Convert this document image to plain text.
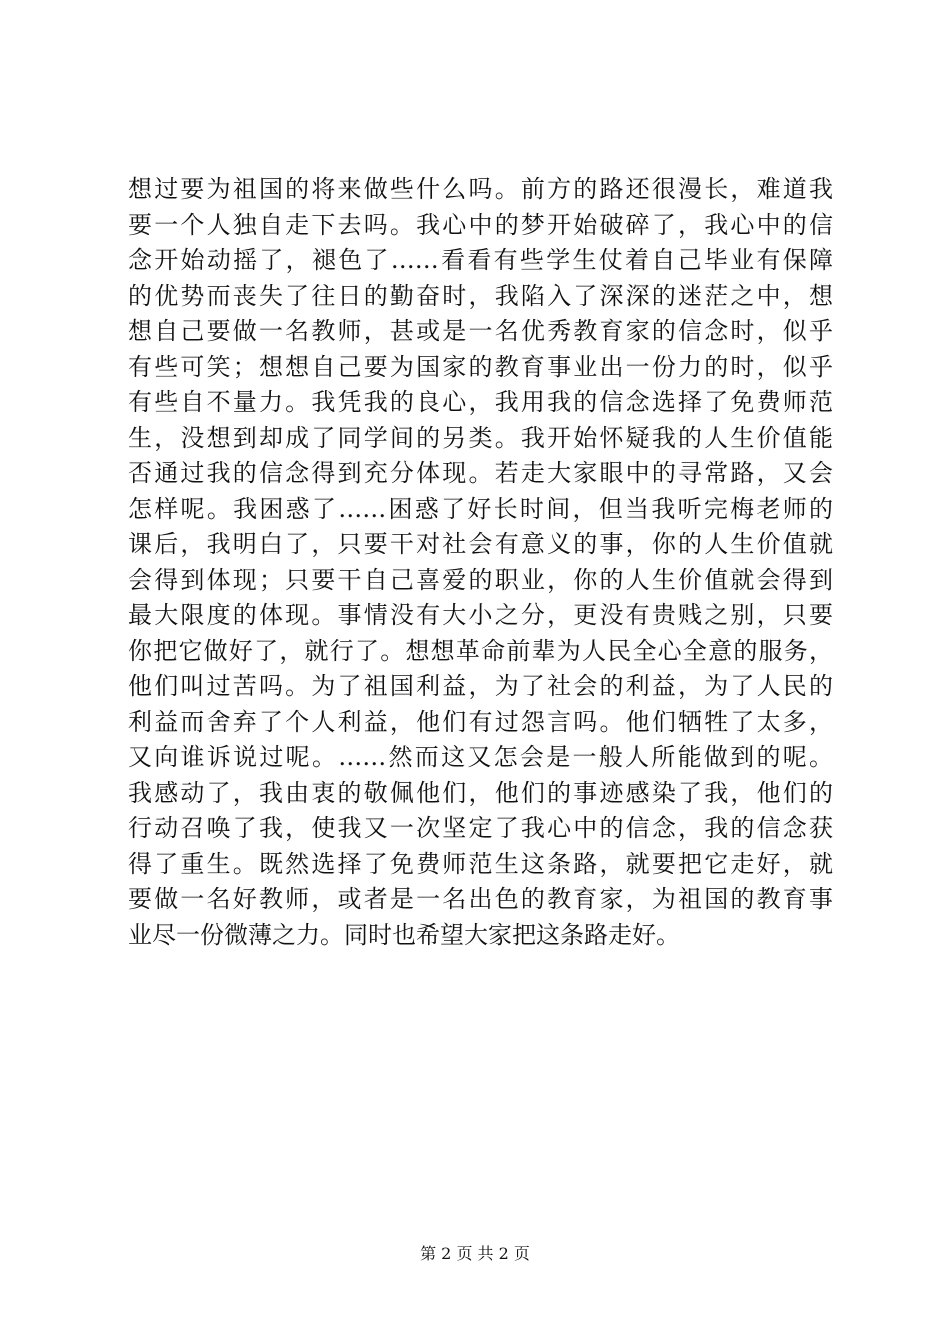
想过要为祖国的将来做些什么吗。前方的路还很漫长，难道我
要一个人独自走下去吗。我心中的梦开始破碎了，我心中的信
念开始动摇了，褪色了……看看有些学生仗着自己毕业有保障
的优势而丧失了往日的勤奋时，我陷入了深深的迷茫之中，想
想自己要做一名教师，甚或是一名优秀教育家的信念时，似乎
有些可笑；想想自己要为国家的教育事业出一份力的时，似乎
有些自不量力。我凭我的良心，我用我的信念选择了免费师范
生，没想到却成了同学间的另类。我开始怀疑我的人生价值能
否通过我的信念得到充分体现。若走大家眼中的寻常路，又会
怎样呢。我困惑了……困惑了好长时间，但当我听完梅老师的
课后，我明白了，只要干对社会有意义的事，你的人生价值就
会得到体现；只要干自己喜爱的职业，你的人生价值就会得到
最大限度的体现。事情没有大小之分，更没有贵贱之别，只要
你把它做好了，就行了。想想革命前辈为人民全心全意的服务，
他们叫过苦吗。为了祖国利益，为了社会的利益，为了人民的
利益而舍弃了个人利益，他们有过怨言吗。他们牺牲了太多，
又向谁诉说过呢。……然而这又怎会是一般人所能做到的呢。
我感动了，我由衷的敬佩他们，他们的事迹感染了我，他们的
行动召唤了我，使我又一次坚定了我心中的信念，我的信念获
得了重生。既然选择了免费师范生这条路，就要把它走好，就
要做一名好教师，或者是一名出色的教育家，为祖国的教育事
业尽一份微薄之力。同时也希望大家把这条路走好。
第 2 页 共 2 页
